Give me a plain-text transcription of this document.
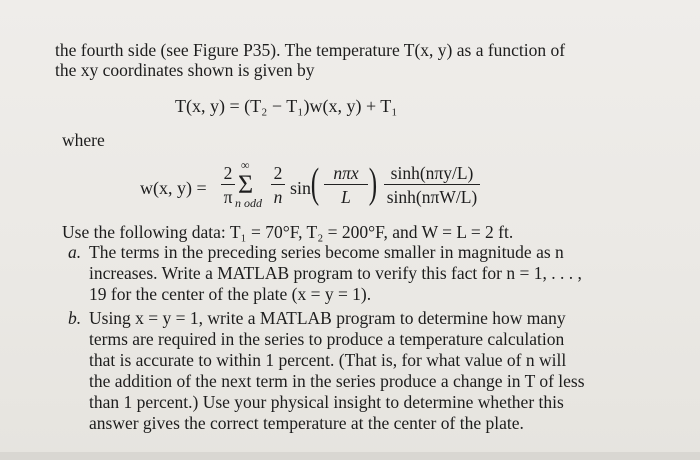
the fourth side (see Figure P35). The temperature T(x, y) as a function of
the xy coordinates shown is given by
T(x, y) = (T₂ − T₁)w(x, y) + T₁
where
w(x, y) =
2
π
∞
Σ
n odd
2
n sin ( nπx
L ) sinh(nπy/L)
sinh(nπW/L)
Use the following data: T₁ = 70°F, T₂ = 200°F, and W = L = 2 ft.
a. The terms in the preceding series become smaller in magnitude as n
increases. Write a MATLAB program to verify this fact for n = 1, . . . ,
19 for the center of the plate (x = y = 1).
b. Using x = y = 1, write a MATLAB program to determine how many
terms are required in the series to produce a temperature calculation
that is accurate to within 1 percent. (That is, for what value of n will
the addition of the next term in the series produce a change in T of less
than 1 percent.) Use your physical insight to determine whether this
answer gives the correct temperature at the center of the plate.
